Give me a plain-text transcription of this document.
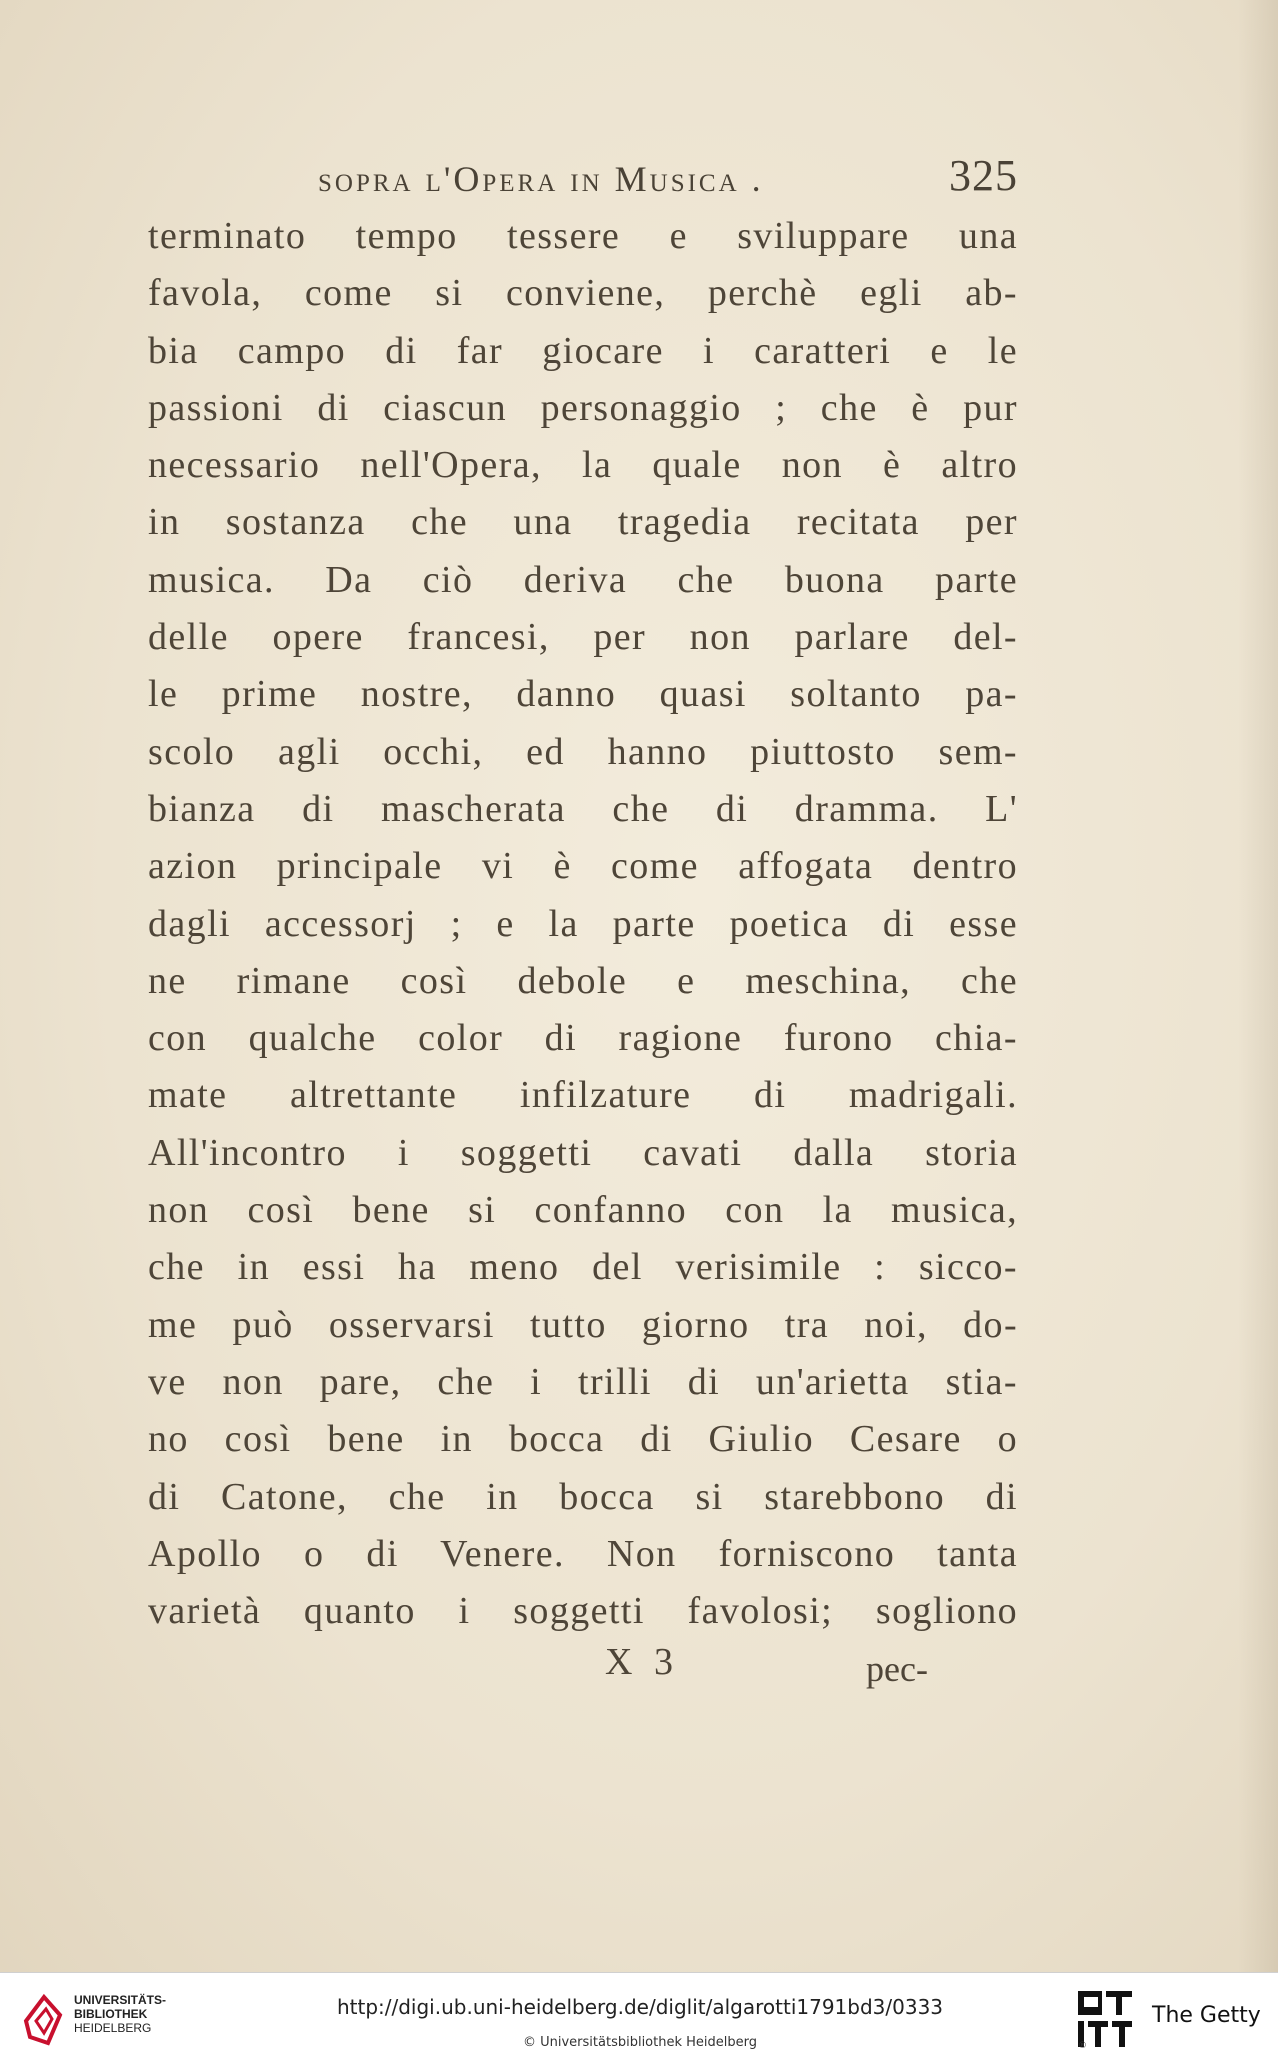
sopra l'Opera in Musica .	325
terminato tempo tessere e sviluppare una
favola, come si conviene, perchè egli ab-
bia campo di far giocare i caratteri e le
passioni di ciascun personaggio ; che è pur
necessario nell'Opera, la quale non è altro
in sostanza che una tragedia recitata per
musica. Da ciò deriva che buona parte
delle opere francesi, per non parlare del-
le prime nostre, danno quasi soltanto pa-
scolo agli occhi, ed hanno piuttosto sem-
bianza di mascherata che di dramma. L'
azion principale vi è come affogata dentro
dagli accessorj ; e la parte poetica di esse
ne rimane così debole e meschina, che
con qualche color di ragione furono chia-
mate altrettante infilzature di madrigali.
All'incontro i soggetti cavati dalla storia
non così bene si confanno con la musica,
che in essi ha meno del verisimile : sicco-
me può osservarsi tutto giorno tra noi, do-
ve non pare, che i trilli di un'arietta stia-
no così bene in bocca di Giulio Cesare o
di Catone, che in bocca si starebbono di
Apollo o di Venere. Non forniscono tanta
varietà quanto i soggetti favolosi; sogliono
X 3	pec-
UNIVERSITÄTS-
BIBLIOTHEK
HEIDELBERG
http://digi.ub.uni-heidelberg.de/diglit/algarotti1791bd3/0333
© Universitätsbibliothek Heidelberg	®
The Getty
